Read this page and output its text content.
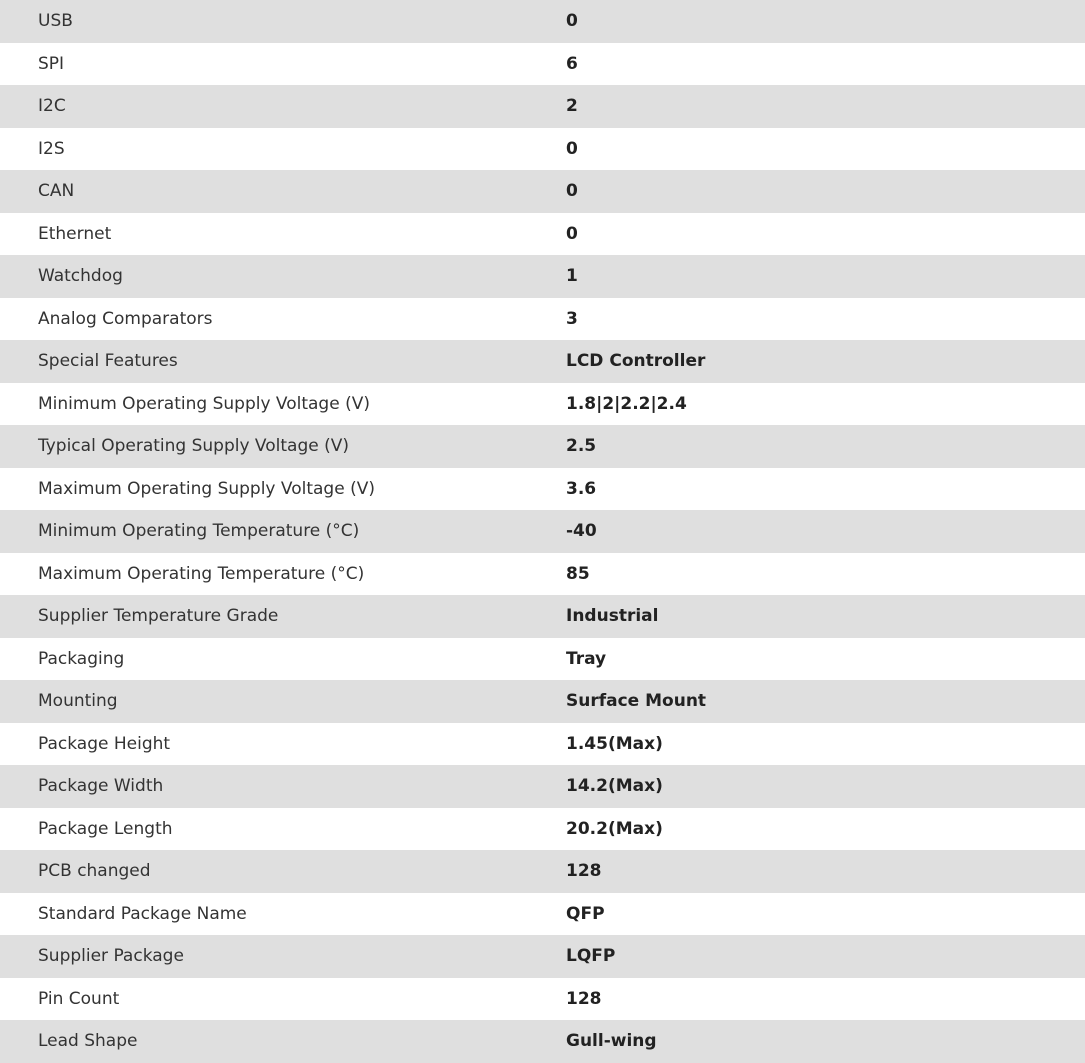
USB	0
SPI	6
I2C	2
I2S	0
CAN	0
Ethernet	0
Watchdog	1
Analog Comparators	3
Special Features	LCD Controller
Minimum Operating Supply Voltage (V)	1.8|2|2.2|2.4
Typical Operating Supply Voltage (V)	2.5
Maximum Operating Supply Voltage (V)	3.6
Minimum Operating Temperature (°C)	-40
Maximum Operating Temperature (°C)	85
Supplier Temperature Grade	Industrial
Packaging	Tray
Mounting	Surface Mount
Package Height	1.45(Max)
Package Width	14.2(Max)
Package Length	20.2(Max)
PCB changed	128
Standard Package Name	QFP
Supplier Package	LQFP
Pin Count	128
Lead Shape	Gull-wing
